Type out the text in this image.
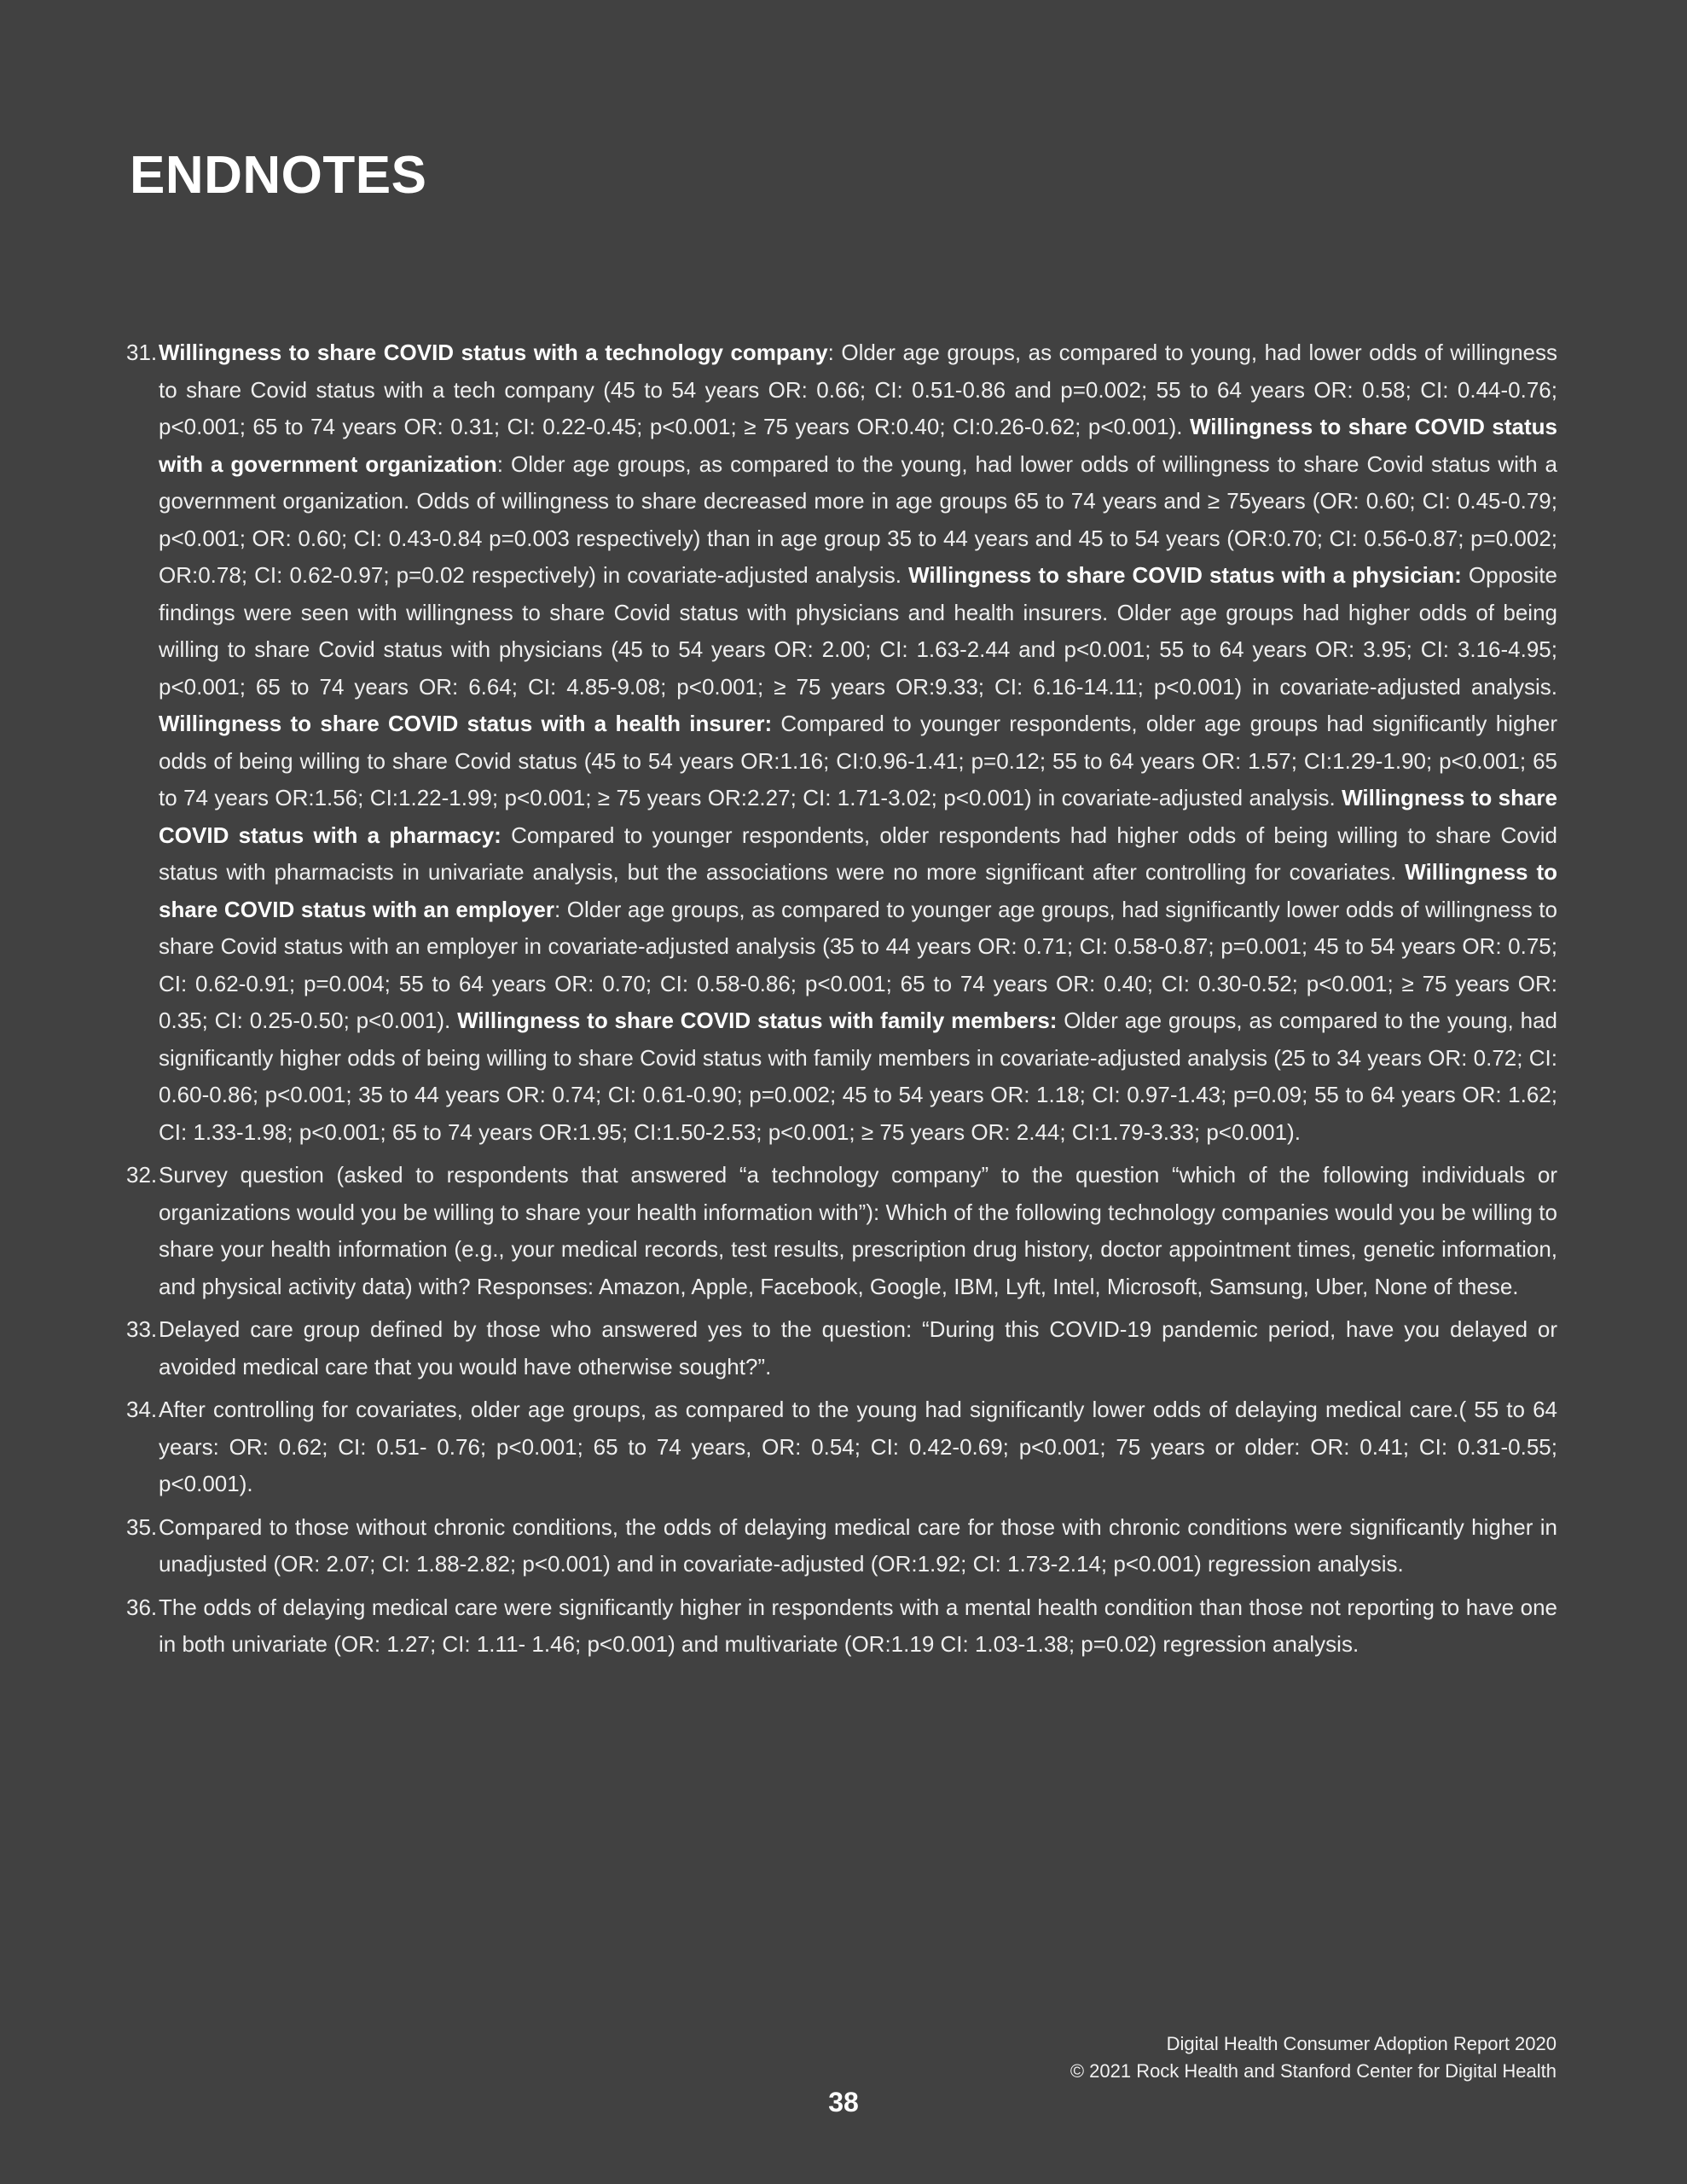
ENDNOTES
31. Willingness to share COVID status with a technology company: Older age groups, as compared to young, had lower odds of willingness to share Covid status with a tech company (45 to 54 years OR: 0.66; CI: 0.51-0.86 and p=0.002; 55 to 64 years OR: 0.58; CI: 0.44-0.76; p<0.001; 65 to 74 years OR: 0.31; CI: 0.22-0.45; p<0.001; ≥ 75 years OR:0.40; CI:0.26-0.62; p<0.001). Willingness to share COVID status with a government organization: Older age groups, as compared to the young, had lower odds of willingness to share Covid status with a government organization. Odds of willingness to share decreased more in age groups 65 to 74 years and ≥ 75years (OR: 0.60; CI: 0.45-0.79; p<0.001; OR: 0.60; CI: 0.43-0.84 p=0.003 respectively) than in age group 35 to 44 years and 45 to 54 years (OR:0.70; CI: 0.56-0.87; p=0.002; OR:0.78; CI: 0.62-0.97; p=0.02 respectively) in covariate-adjusted analysis. Willingness to share COVID status with a physician: Opposite findings were seen with willingness to share Covid status with physicians and health insurers. Older age groups had higher odds of being willing to share Covid status with physicians (45 to 54 years OR: 2.00; CI: 1.63-2.44 and p<0.001; 55 to 64 years OR: 3.95; CI: 3.16-4.95; p<0.001; 65 to 74 years OR: 6.64; CI: 4.85-9.08; p<0.001; ≥ 75 years OR:9.33; CI: 6.16-14.11; p<0.001) in covariate-adjusted analysis. Willingness to share COVID status with a health insurer: Compared to younger respondents, older age groups had significantly higher odds of being willing to share Covid status (45 to 54 years OR:1.16; CI:0.96-1.41; p=0.12; 55 to 64 years OR: 1.57; CI:1.29-1.90; p<0.001; 65 to 74 years OR:1.56; CI:1.22-1.99; p<0.001; ≥ 75 years OR:2.27; CI: 1.71-3.02; p<0.001) in covariate-adjusted analysis. Willingness to share COVID status with a pharmacy: Compared to younger respondents, older respondents had higher odds of being willing to share Covid status with pharmacists in univariate analysis, but the associations were no more significant after controlling for covariates. Willingness to share COVID status with an employer: Older age groups, as compared to younger age groups, had significantly lower odds of willingness to share Covid status with an employer in covariate-adjusted analysis (35 to 44 years OR: 0.71; CI: 0.58-0.87; p=0.001; 45 to 54 years OR: 0.75; CI: 0.62-0.91; p=0.004; 55 to 64 years OR: 0.70; CI: 0.58-0.86; p<0.001; 65 to 74 years OR: 0.40; CI: 0.30-0.52; p<0.001; ≥ 75 years OR: 0.35; CI: 0.25-0.50; p<0.001). Willingness to share COVID status with family members: Older age groups, as compared to the young, had significantly higher odds of being willing to share Covid status with family members in covariate-adjusted analysis (25 to 34 years OR: 0.72; CI: 0.60-0.86; p<0.001; 35 to 44 years OR: 0.74; CI: 0.61-0.90; p=0.002; 45 to 54 years OR: 1.18; CI: 0.97-1.43; p=0.09; 55 to 64 years OR: 1.62; CI: 1.33-1.98; p<0.001; 65 to 74 years OR:1.95; CI:1.50-2.53; p<0.001; ≥ 75 years OR: 2.44; CI:1.79-3.33; p<0.001).
32. Survey question (asked to respondents that answered “a technology company” to the question “which of the following individuals or organizations would you be willing to share your health information with”): Which of the following technology companies would you be willing to share your health information (e.g., your medical records, test results, prescription drug history, doctor appointment times, genetic information, and physical activity data) with? Responses: Amazon, Apple, Facebook, Google, IBM, Lyft, Intel, Microsoft, Samsung, Uber, None of these.
33. Delayed care group defined by those who answered yes to the question: “During this COVID-19 pandemic period, have you delayed or avoided medical care that you would have otherwise sought?”.
34. After controlling for covariates, older age groups, as compared to the young had significantly lower odds of delaying medical care.( 55 to 64 years: OR: 0.62; CI: 0.51- 0.76; p<0.001; 65 to 74 years, OR: 0.54; CI: 0.42-0.69; p<0.001; 75 years or older: OR: 0.41; CI: 0.31-0.55; p<0.001).
35. Compared to those without chronic conditions, the odds of delaying medical care for those with chronic conditions were significantly higher in unadjusted (OR: 2.07; CI: 1.88-2.82; p<0.001) and in covariate-adjusted (OR:1.92; CI: 1.73-2.14; p<0.001) regression analysis.
36. The odds of delaying medical care were significantly higher in respondents with a mental health condition than those not reporting to have one in both univariate (OR: 1.27; CI: 1.11- 1.46; p<0.001) and multivariate (OR:1.19 CI: 1.03-1.38; p=0.02) regression analysis.
Digital Health Consumer Adoption Report 2020
© 2021 Rock Health and Stanford Center for Digital Health
38
